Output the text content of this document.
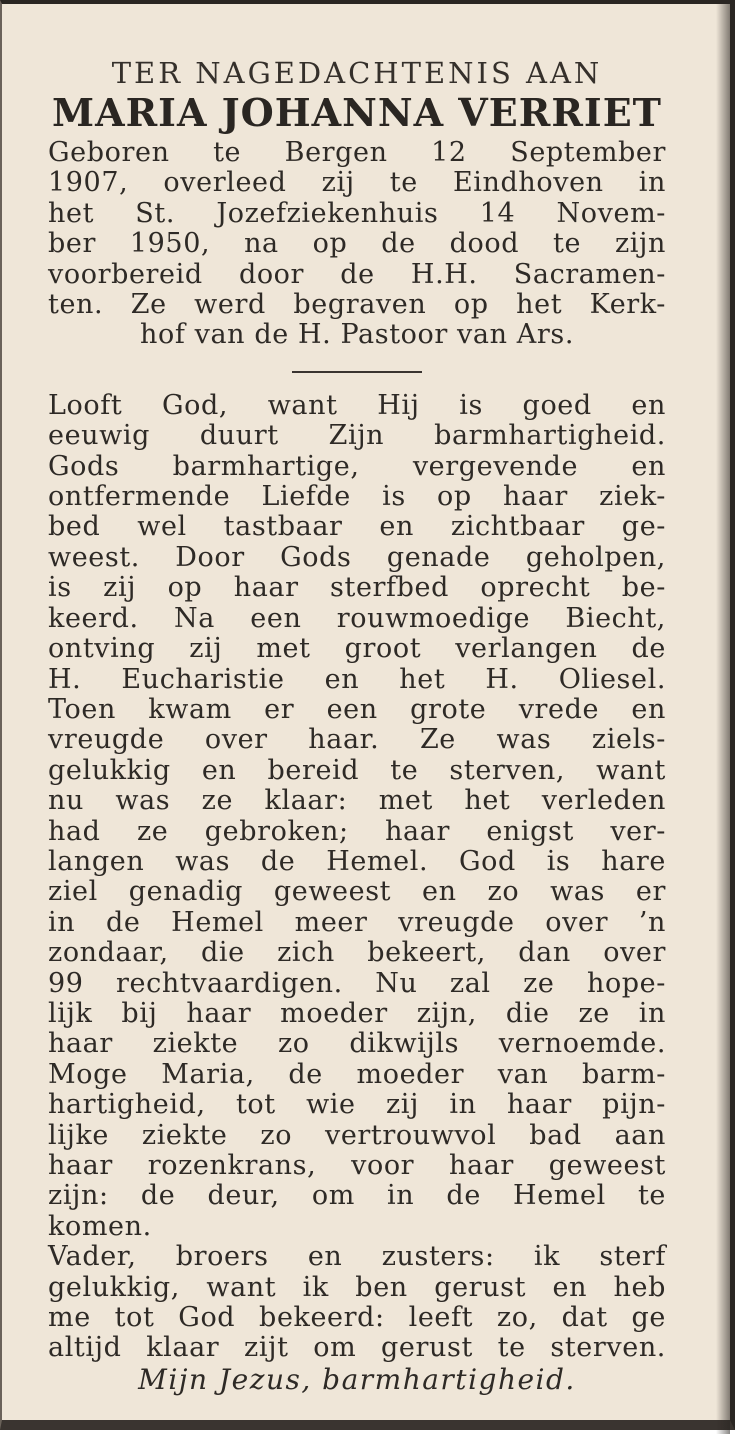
TER NAGEDACHTENIS AAN

MARIA JOHANNA VERRIET

Geboren te Bergen 12 September
1907, overleed zij te Eindhoven in
het St. Jozefziekenhuis 14 Novem-
ber 1950, na op de dood te zijn
voorbereid door de H.H. Sacramen-
ten. Ze werd begraven op het Kerk-
hof van de H. Pastoor van Ars.
Looft God, want Hij is goed en
eeuwig duurt Zijn barmhartigheid.
Gods barmhartige, vergevende en
ontfermende Liefde is op haar ziek-
bed wel tastbaar en zichtbaar ge-
weest. Door Gods genade geholpen,
is zij op haar sterfbed oprecht be-
keerd. Na een rouwmoedige Biecht,
ontving zij met groot verlangen de
H. Eucharistie en het H. Oliesel.
Toen kwam er een grote vrede en
vreugde over haar. Ze was ziels-
gelukkig en bereid te sterven, want
nu was ze klaar: met het verleden
had ze gebroken; haar enigst ver-
langen was de Hemel. God is hare
ziel genadig geweest en zo was er
in de Hemel meer vreugde over ’n
zondaar, die zich bekeert, dan over
99 rechtvaardigen. Nu zal ze hope-
lijk bij haar moeder zijn, die ze in
haar ziekte zo dikwijls vernoemde.
Moge Maria, de moeder van barm-
hartigheid, tot wie zij in haar pijn-
lijke ziekte zo vertrouwvol bad aan
haar rozenkrans, voor haar geweest
zijn: de deur, om in de Hemel te
komen.
Vader, broers en zusters: ik sterf
gelukkig, want ik ben gerust en heb
me tot God bekeerd: leeft zo, dat ge
altijd klaar zijt om gerust te sterven.

Mijn Jezus, barmhartigheid.
